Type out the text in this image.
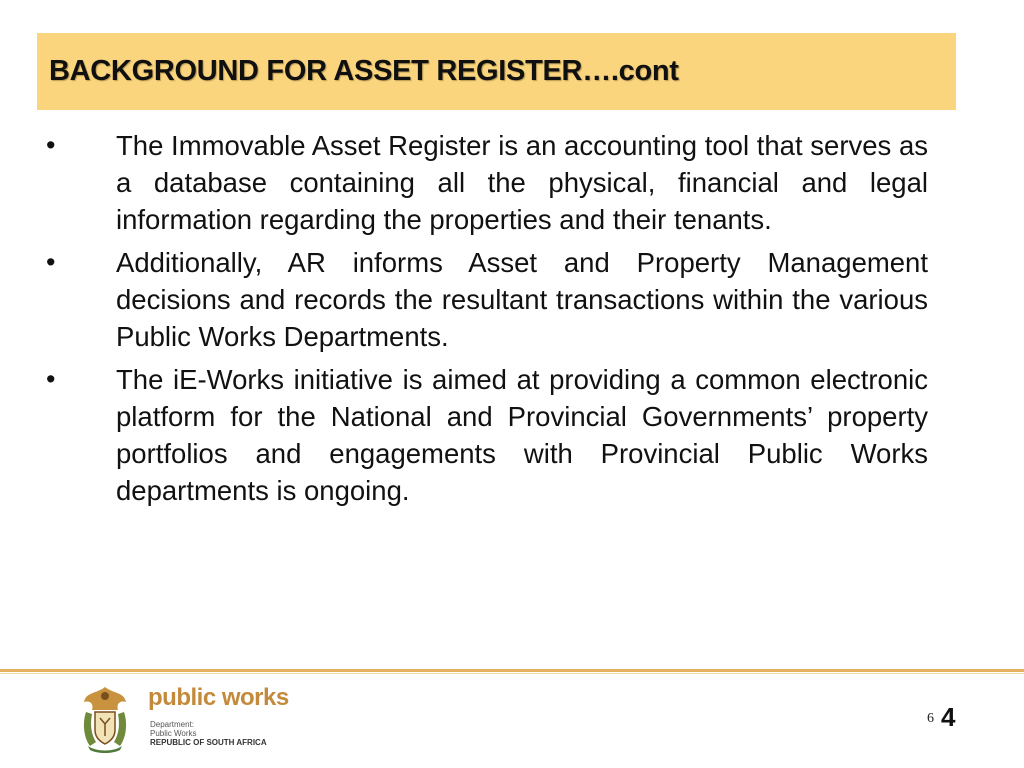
BACKGROUND FOR ASSET REGISTER….cont
• The Immovable Asset Register is an accounting tool that serves as a database containing all the physical, financial and legal information regarding the properties and their tenants.
• Additionally, AR informs Asset and Property Management decisions and records the resultant transactions within the various Public Works Departments.
• The iE-Works initiative is aimed at providing a common electronic platform for the National and Provincial Governments’ property portfolios and engagements with Provincial Public Works departments is ongoing.
public works
Department:
Public Works
REPUBLIC OF SOUTH AFRICA
6 4
